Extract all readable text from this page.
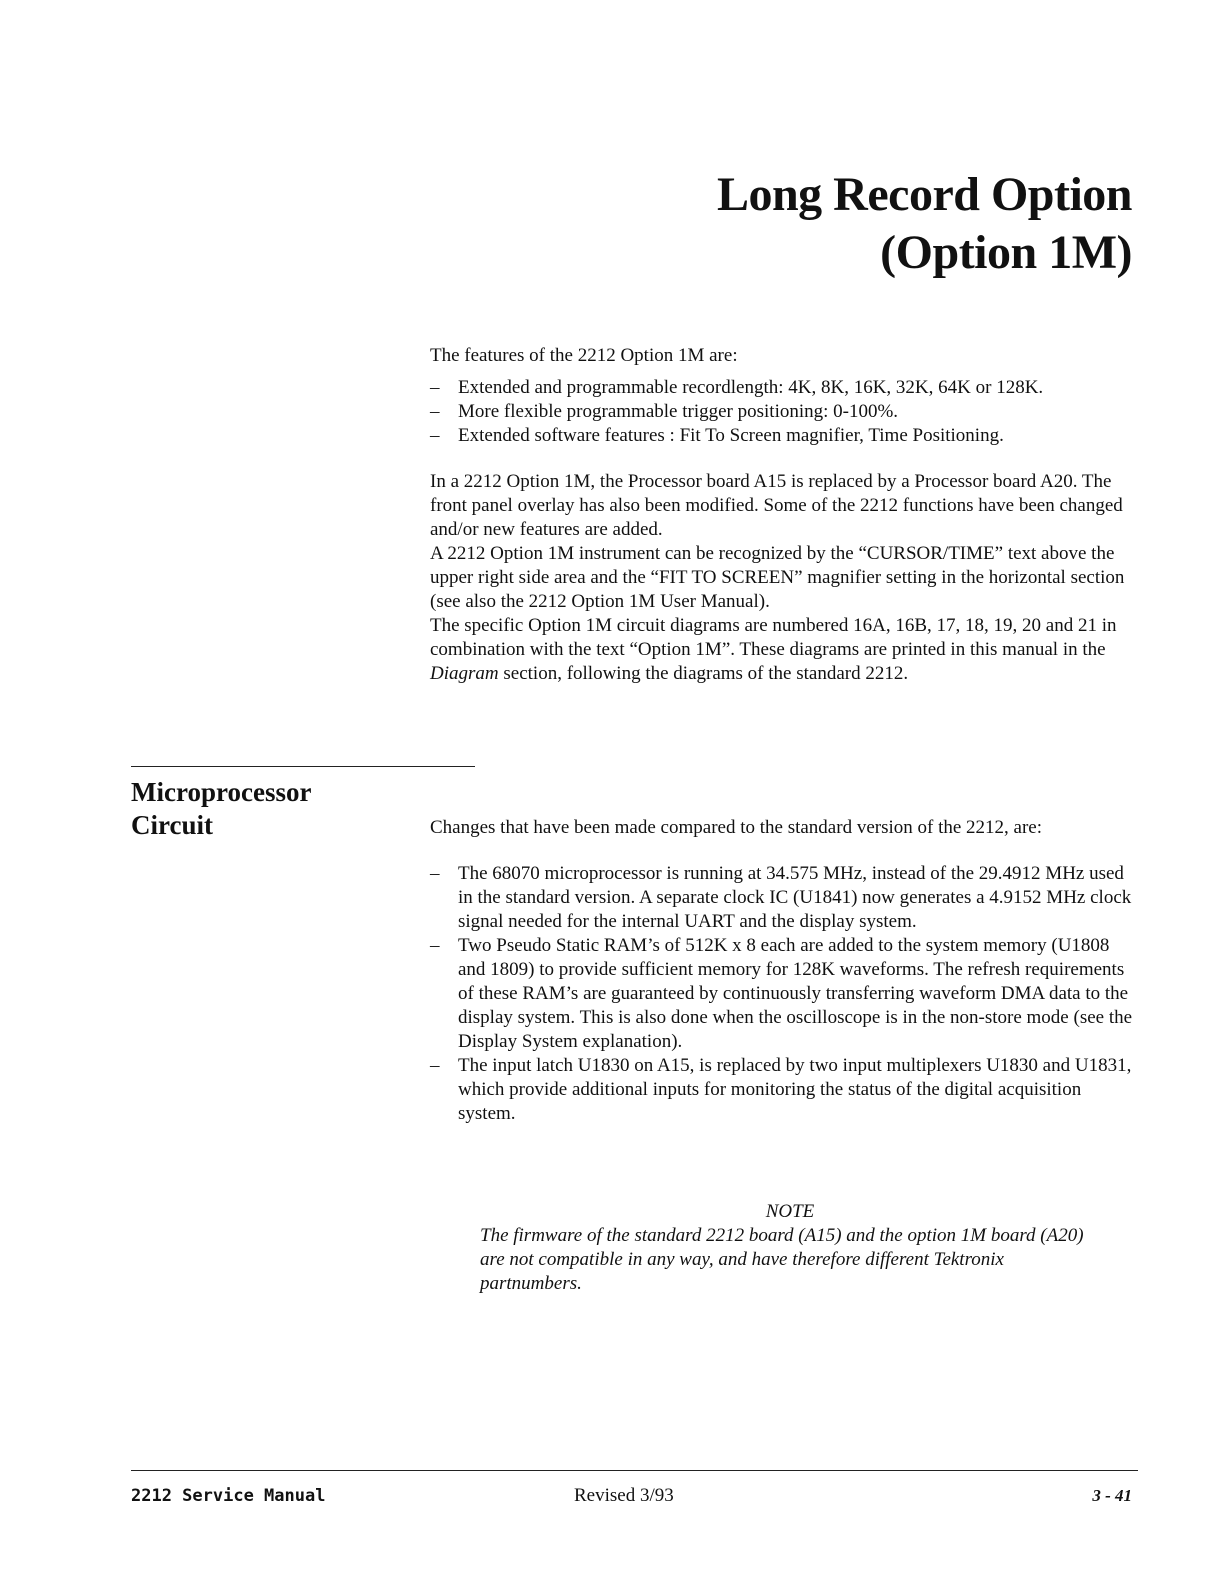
Long Record Option
(Option 1M)

The features of the 2212 Option 1M are:

– Extended and programmable recordlength: 4K, 8K, 16K, 32K, 64K or 128K.
– More flexible programmable trigger positioning: 0-100%.
– Extended software features : Fit To Screen magnifier, Time Positioning.

In a 2212 Option 1M, the Processor board A15 is replaced by a Processor board A20. The front panel overlay has also been modified. Some of the 2212 functions have been changed and/or new features are added.

A 2212 Option 1M instrument can be recognized by the “CURSOR/TIME” text above the upper right side area and the “FIT TO SCREEN” magnifier setting in the horizontal section (see also the 2212 Option 1M User Manual).

The specific Option 1M circuit diagrams are numbered 16A, 16B, 17, 18, 19, 20 and 21 in combination with the text “Option 1M”. These diagrams are printed in this manual in the Diagram section, following the diagrams of the standard 2212.

Microprocessor
Circuit	Changes that have been made compared to the standard version of the 2212, are:

– The 68070 microprocessor is running at 34.575 MHz, instead of the 29.4912 MHz used in the standard version. A separate clock IC (U1841) now generates a 4.9152 MHz clock signal needed for the internal UART and the display system.
– Two Pseudo Static RAM’s of 512K x 8 each are added to the system memory (U1808 and 1809) to provide sufficient memory for 128K waveforms. The refresh requirements of these RAM’s are guaranteed by continuously transferring waveform DMA data to the display system. This is also done when the oscilloscope is in the non-store mode (see the Display System explanation).
– The input latch U1830 on A15, is replaced by two input multiplexers U1830 and U1831, which provide additional inputs for monitoring the status of the digital acquisition system.
NOTE
The firmware of the standard 2212 board (A15) and the option 1M board (A20) are not compatible in any way, and have therefore different Tektronix partnumbers.
2212 Service Manual	Revised 3/93	3 - 41
